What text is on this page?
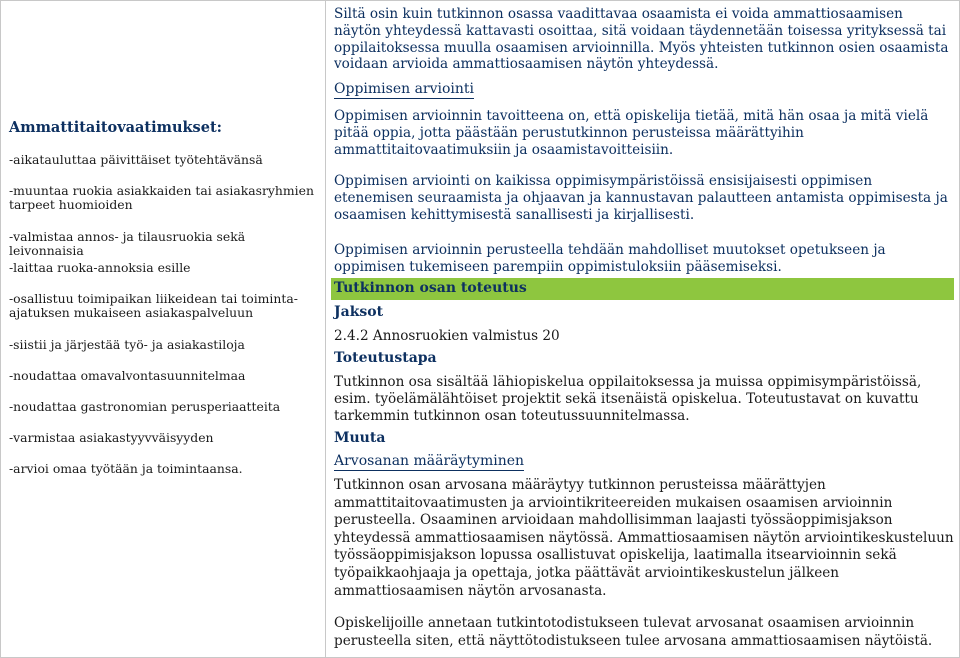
Ammattitaitovaatimukset:
-aikatauluttaa päivittäiset työtehtävänsä
-muuntaa ruokia asiakkaiden tai asiakasryhmien tarpeet huomioiden
-valmistaa annos- ja tilausruokia sekä leivonnaisia
-laittaa ruoka-annoksia esille
-osallistuu toimipaikan liikeidean tai toiminta-ajatuksen mukaiseen asiakaspalveluun
-siistii ja järjestää työ- ja asiakastiloja
-noudattaa omavalvontasuunnitelmaa
-noudattaa gastronomian perusperiaatteita
-varmistaa asiakastyyvväisyyden
-arvioi omaa työtään ja toimintaansa.

Siltä osin kuin tutkinnon osassa vaadittavaa osaamista ei voida ammattiosaamisen näytön yhteydessä kattavasti osoittaa, sitä voidaan täydennetään toisessa yrityksessä tai oppilaitoksessa muulla osaamisen arvioinnilla. Myös yhteisten tutkinnon osien osaamista voidaan arvioida ammattiosaamisen näytön yhteydessä.

Oppimisen arviointi

Oppimisen arvioinnin tavoitteena on, että opiskelija tietää, mitä hän osaa ja mitä vielä pitää oppia, jotta päästään perustutkinnon perusteissa määrättyihin ammattitaitovaatimuksiin ja osaamistavoitteisiin.

Oppimisen arviointi on kaikissa oppimisympäristöissä ensisijaisesti oppimisen etenemisen seuraamista ja ohjaavan ja kannustavan palautteen antamista oppimisesta ja osaamisen kehittymisestä sanallisesti ja kirjallisesti.

Oppimisen arvioinnin perusteella tehdään mahdolliset muutokset opetukseen ja oppimisen tukemiseen parempiin oppimistuloksiin pääsemiseksi.

Tutkinnon osan toteutus
Jaksot
2.4.2 Annosruokien valmistus 20
Toteutustapa

Tutkinnon osa sisältää lähiopiskelua oppilaitoksessa ja muissa oppimisympäristöissä, esim. työelämälähtöiset projektit sekä itsenäistä opiskelua. Toteutustavat on kuvattu tarkemmin tutkinnon osan toteutussuunnitelmassa.

Muuta
Arvosanan määräytyminen

Tutkinnon osan arvosana määräytyy tutkinnon perusteissa määrättyjen ammattitaitovaatimusten ja arviointikriteereiden mukaisen osaamisen arvioinnin perusteella. Osaaminen arvioidaan mahdollisimman laajasti työssäoppimisjakson yhteydessä ammattiosaamisen näytössä. Ammattiosaamisen näytön arviointikeskusteluun työssäoppimisjakson lopussa osallistuvat opiskelija, laatimalla itsearvioinnin sekä työpaikkaohjaaja ja opettaja, jotka päättävät arviointikeskustelun jälkeen ammattiosaamisen näytön arvosanasta.

Opiskelijoille annetaan tutkintotodistukseen tulevat arvosanat osaamisen arvioinnin perusteella siten, että näyttötodistukseen tulee arvosana ammattiosaamisen näytöistä.
